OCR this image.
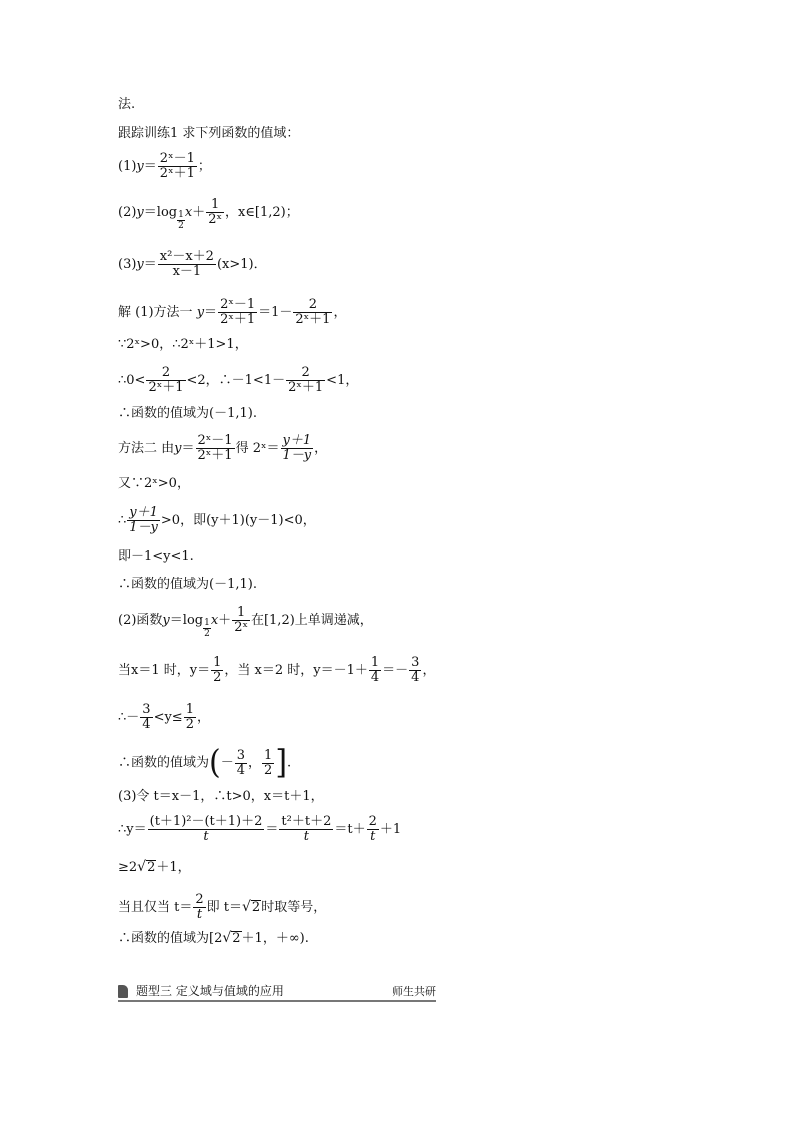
法.
跟踪训练1 求下列函数的值域：
$(1)y= \frac{\text{2ˣ－1}}{\text{2ˣ＋1}}$ ；
$(2)y=\log \frac{1}{2} x+ \frac{1}{\text{2ˣ}}$ ，x∈[1,2)；
$(3)y= \frac{\text{x²－x＋2}}{x-1} (x>1)$．
解 (1)方法一 $y= \frac{\text{2ˣ－1}}{\text{2ˣ＋1}} =1- \frac{2}{\text{2ˣ＋1}}$ ，
∵2ˣ>0，∴2ˣ＋1>1，
∴0< $\frac{2}{\text{2ˣ＋1}} <2$，∴－1<1－ $\frac{2}{\text{2ˣ＋1}} <1$，
∴函数的值域为(－1,1).
方法二 由$y= \frac{\text{2ˣ－1}}{\text{2ˣ＋1}}$ 得 2ˣ＝ $\frac{y+1}{1-y}$ ，
又∵2ˣ>0，
∴ $\frac{y+1}{1-y} >0$，即(y＋1)(y－1)<0，
即－1<y<1.
∴函数的值域为(－1,1).
(2)函数$y=\log \frac{1}{2} x+ \frac{1}{\text{2ˣ}}$ 在[1,2)上单调递减，
当x＝1 时，$y= \frac{1}{2}$ ，当 x＝2 时，$y=-1+ \frac{1}{4} =- \frac{3}{4}$ ，
∴－ $\frac{3}{4} <y\le \frac{1}{2}$ ，
∴函数的值域为(－ $\frac{3}{4}$ ， $\frac{1}{2}$ ].
(3)令 t＝x－1，∴t>0，x＝t＋1，
∴y＝ $\frac{\text{(t＋1)²－(t＋1)＋2}}{t} = \frac{\text{t²＋t＋2}}{t} =t+ \frac{2}{t} +1$
≥2√2＋1，
当且仅当 $t= \frac{2}{t}$ 即 t＝√2时取等号，
∴函数的值域为[2√2＋1，＋∞).
题型三 定义域与值域的应用	师生共研
